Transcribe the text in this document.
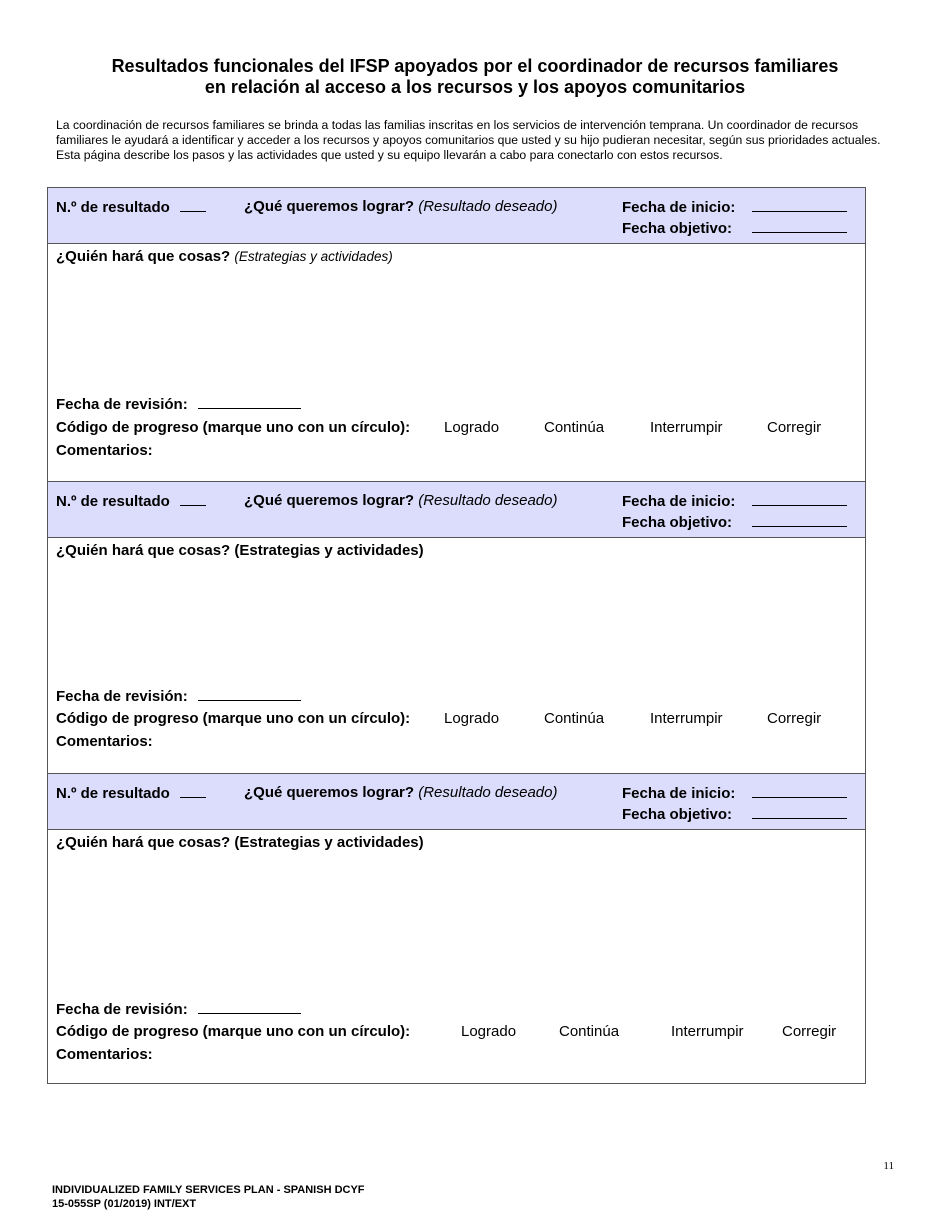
Resultados funcionales del IFSP apoyados por el coordinador de recursos familiares
en relación al acceso a los recursos y los apoyos comunitarios
La coordinación de recursos familiares se brinda a todas las familias inscritas en los servicios de intervención temprana. Un coordinador de recursos familiares le ayudará a identificar y acceder a los recursos y apoyos comunitarios que usted y su hijo pudieran necesitar, según sus prioridades actuales. Esta página describe los pasos y las actividades que usted y su equipo llevarán a cabo para conectarlo con estos recursos.
N.º de resultado	¿Qué queremos lograr? (Resultado deseado)	Fecha de inicio:
Fecha objetivo:
¿Quién hará que cosas? (Estrategias y actividades)
Fecha de revisión:
Código de progreso (marque uno con un círculo): Logrado	Continúa	Interrumpir	Corregir
Comentarios:
N.º de resultado	¿Qué queremos lograr? (Resultado deseado)	Fecha de inicio:
Fecha objetivo:
¿Quién hará que cosas? (Estrategias y actividades)
Fecha de revisión:
Código de progreso (marque uno con un círculo): Logrado	Continúa	Interrumpir	Corregir
Comentarios:
N.º de resultado	¿Qué queremos lograr? (Resultado deseado)	Fecha de inicio:
Fecha objetivo:
¿Quién hará que cosas? (Estrategias y actividades)
Fecha de revisión:
Código de progreso (marque uno con un círculo):	Logrado	Continúa	Interrumpir	Corregir
Comentarios:
11
INDIVIDUALIZED FAMILY SERVICES PLAN - SPANISH DCYF
15-055SP (01/2019) INT/EXT
